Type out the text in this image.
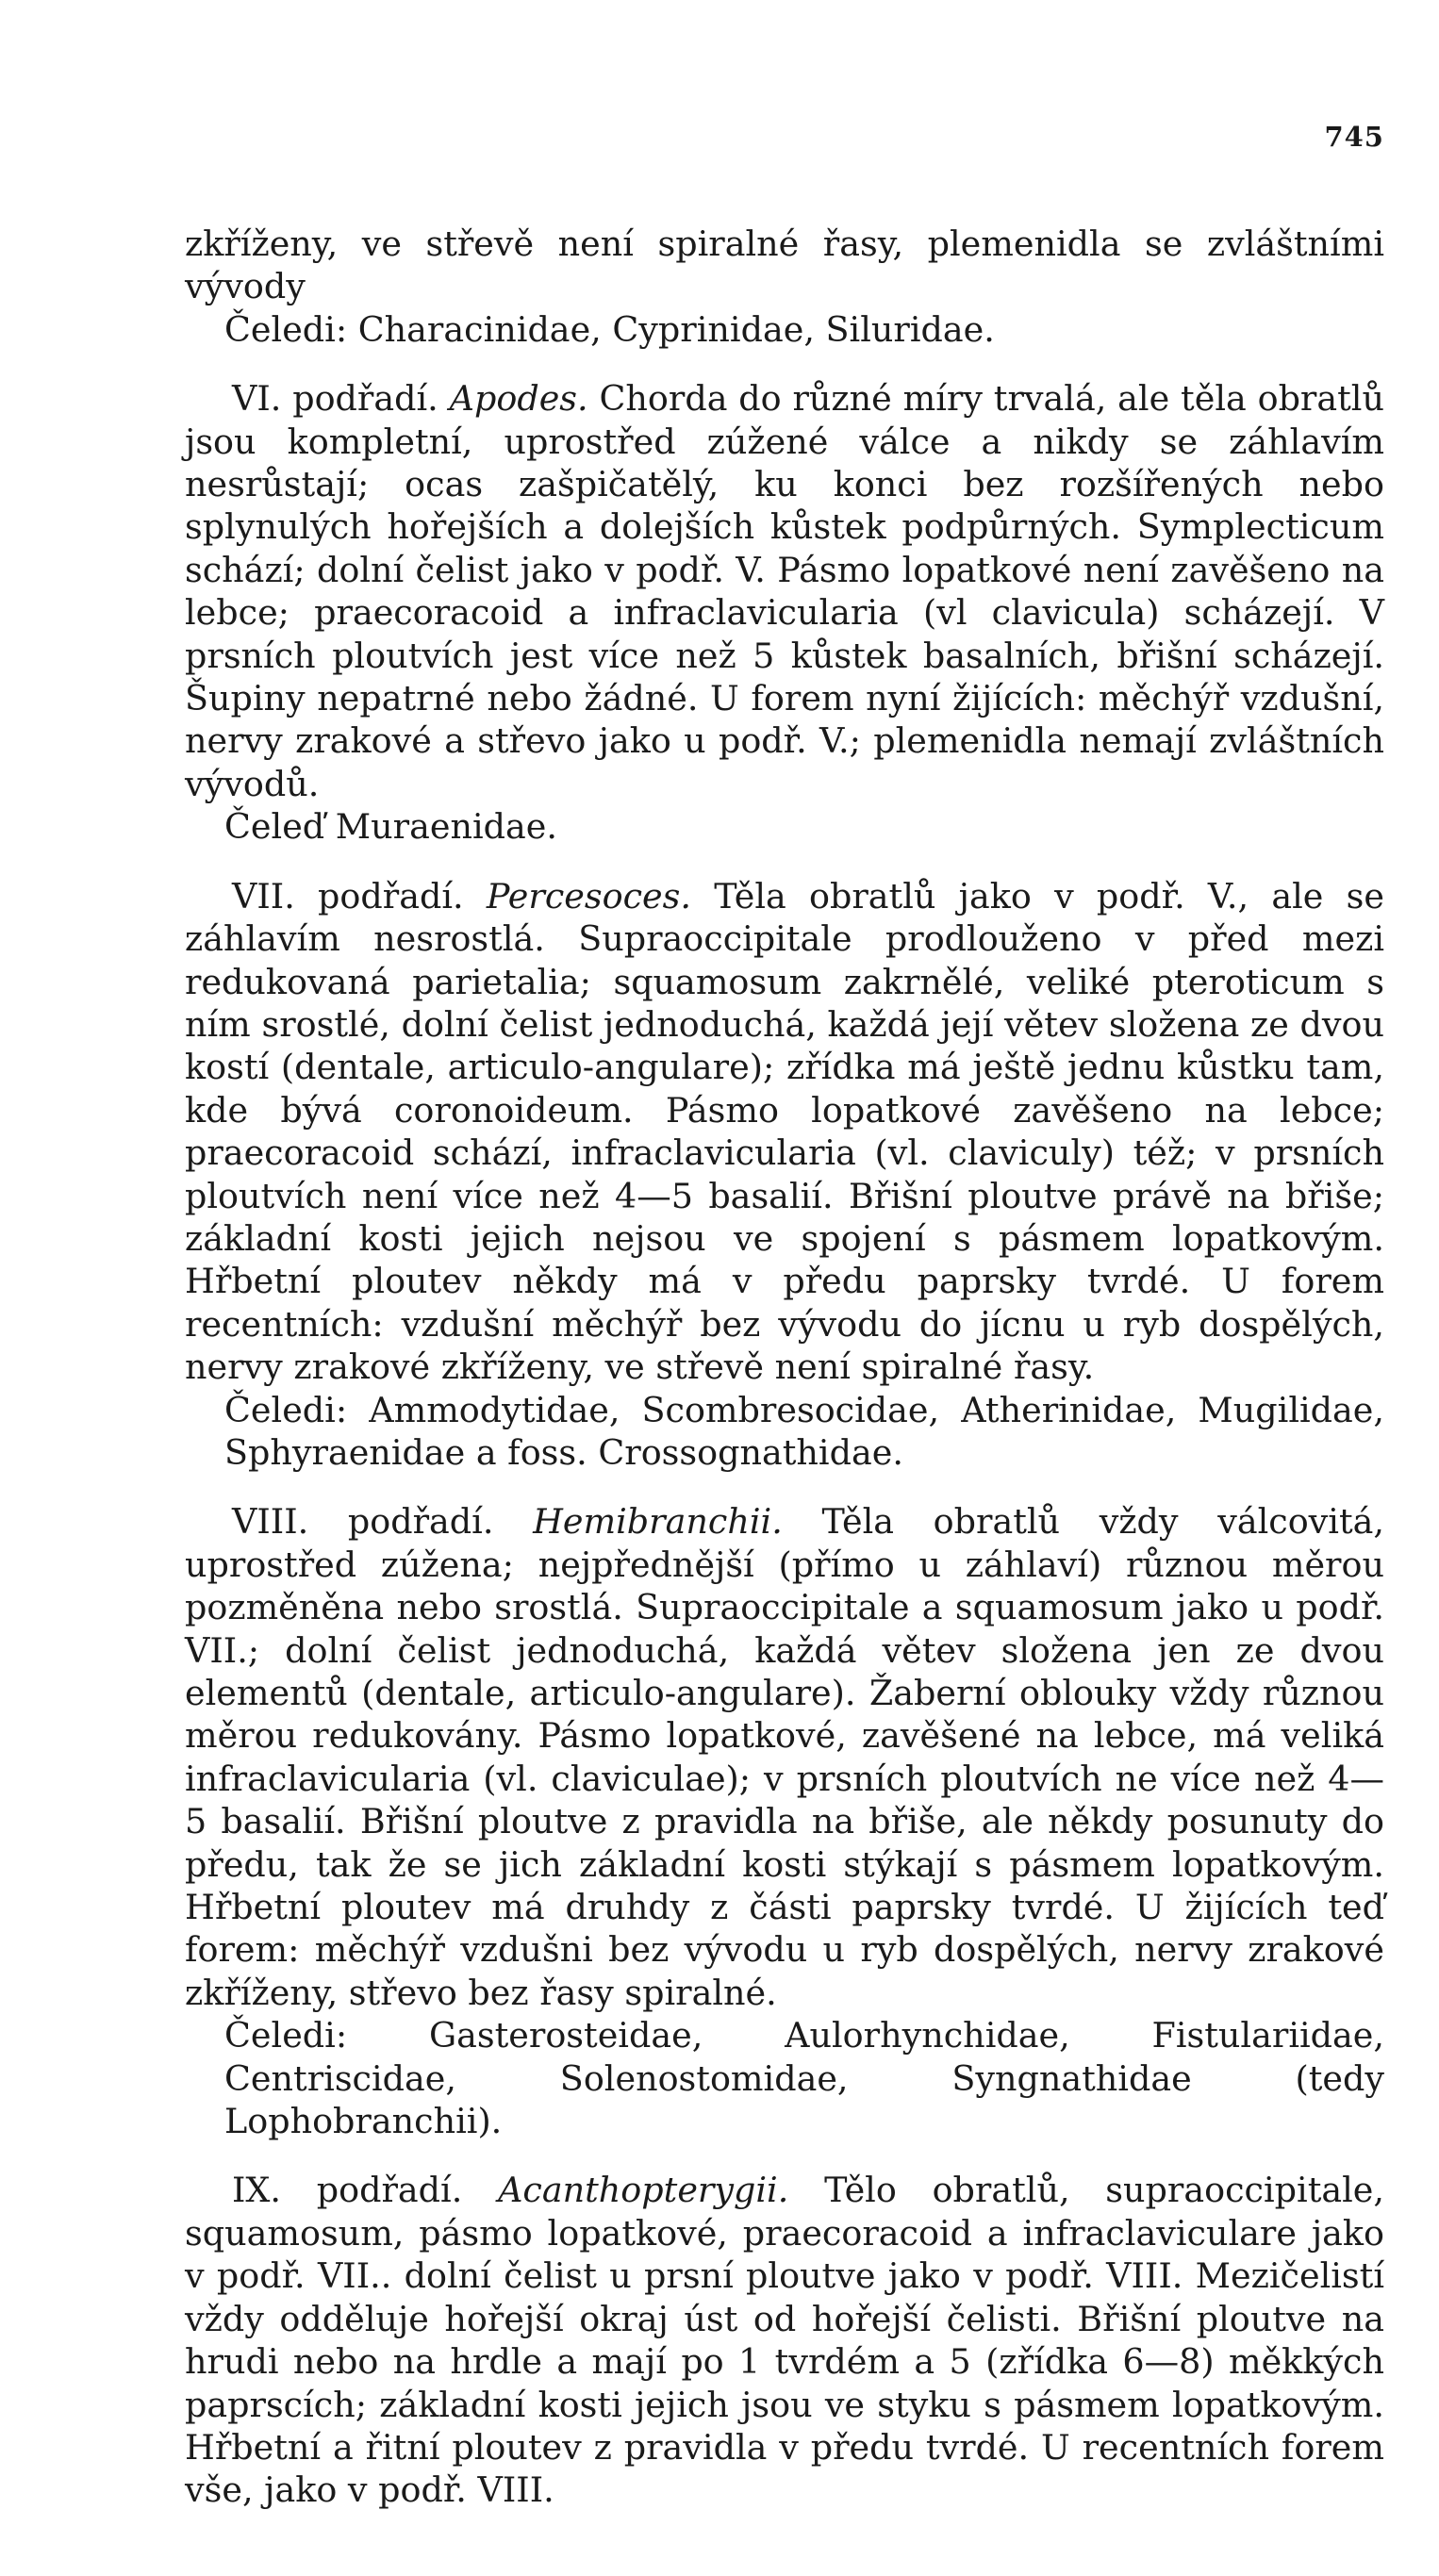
745

zkříženy, ve střevě není spiralné řasy, plemenidla se zvláštními vývody

Čeledi: Characinidae, Cyprinidae, Siluridae.

VI. podřadí. Apodes. Chorda do různé míry trvalá, ale těla obratlů jsou kompletní, uprostřed zúžené válce a nikdy se záhlavím nesrůstají; ocas zašpičatělý, ku konci bez rozšířených nebo splynulých hořejších a dolejších kůstek podpůrných. Symplecticum schází; dolní čelist jako v podř. V. Pásmo lopatkové není zavěšeno na lebce; praecoracoid a infraclavicularia (vl clavicula) scházejí. V prsních ploutvích jest více než 5 kůstek basalních, břišní scházejí. Šupiny nepatrné nebo žádné. U forem nyní žijících: měchýř vzdušní, nervy zrakové a střevo jako u podř. V.; plemenidla nemají zvláštních vývodů.

Čeleď Muraenidae.

VII. podřadí. Percesoces. Těla obratlů jako v podř. V., ale se záhlavím nesrostlá. Supraoccipitale prodlouženo v před mezi redukovaná parietalia; squamosum zakrnělé, veliké pteroticum s ním srostlé, dolní čelist jednoduchá, každá její větev složena ze dvou kostí (dentale, articulo-angulare); zřídka má ještě jednu kůstku tam, kde bývá coronoideum. Pásmo lopatkové zavěšeno na lebce; praecoracoid schází, infraclavicularia (vl. claviculy) též; v prsních ploutvích není více než 4—5 basalií. Břišní ploutve právě na břiše; základní kosti jejich nejsou ve spojení s pásmem lopatkovým. Hřbetní ploutev někdy má v předu paprsky tvrdé. U forem recentních: vzdušní měchýř bez vývodu do jícnu u ryb dospělých, nervy zrakové zkříženy, ve střevě není spiralné řasy.

Čeledi: Ammodytidae, Scombresocidae, Atherinidae, Mugilidae, Sphyraenidae a foss. Crossognathidae.

VIII. podřadí. Hemibranchii. Těla obratlů vždy válcovitá, uprostřed zúžena; nejpřednější (přímo u záhlaví) různou měrou pozměněna nebo srostlá. Supraoccipitale a squamosum jako u podř. VII.; dolní čelist jednoduchá, každá větev složena jen ze dvou elementů (dentale, articulo-angulare). Žaberní oblouky vždy různou měrou redukovány. Pásmo lopatkové, zavěšené na lebce, má veliká infraclavicularia (vl. claviculae); v prsních ploutvích ne více než 4—5 basalií. Břišní ploutve z pravidla na břiše, ale někdy posunuty do předu, tak že se jich základní kosti stýkají s pásmem lopatkovým. Hřbetní ploutev má druhdy z části paprsky tvrdé. U žijících teď forem: měchýř vzdušni bez vývodu u ryb dospělých, nervy zrakové zkříženy, střevo bez řasy spiralné.

Čeledi: Gasterosteidae, Aulorhynchidae, Fistulariidae, Centriscidae, Solenostomidae, Syngnathidae (tedy Lophobranchii).

IX. podřadí. Acanthopterygii. Tělo obratlů, supraoccipitale, squamosum, pásmo lopatkové, praecoracoid a infraclaviculare jako v podř. VII.. dolní čelist u prsní ploutve jako v podř. VIII. Mezičelistí vždy odděluje hořejší okraj úst od hořejší čelisti. Břišní ploutve na hrudi nebo na hrdle a mají po 1 tvrdém a 5 (zřídka 6—8) měkkých paprscích; základní kosti jejich jsou ve styku s pásmem lopatkovým. Hřbetní a řitní ploutev z pravidla v předu tvrdé. U recentních forem vše, jako v podř. VIII.
